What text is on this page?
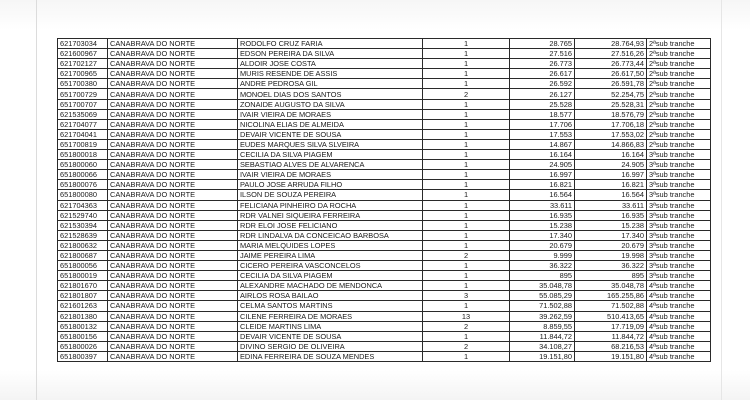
621703034	CANABRAVA DO NORTE	RODOLFO CRUZ FARIA	1	28.765	28.764,93	2ªsub tranche
621600967	CANABRAVA DO NORTE	EDSON PEREIRA DA SILVA	1	27.516	27.516,26	2ªsub tranche
621702127	CANABRAVA DO NORTE	ALDOIR JOSE COSTA	1	26.773	26.773,44	2ªsub tranche
621700965	CANABRAVA DO NORTE	MURIS RESENDE DE ASSIS	1	26.617	26.617,50	2ªsub tranche
651700380	CANABRAVA DO NORTE	ANDRE PEDROSA GIL	1	26.592	26.591,78	2ªsub tranche
651700729	CANABRAVA DO NORTE	MONOEL DIAS DOS SANTOS	2	26.127	52.254,75	2ªsub tranche
651700707	CANABRAVA DO NORTE	ZONAIDE AUGUSTO DA SILVA	1	25.528	25.528,31	2ªsub tranche
621535069	CANABRAVA DO NORTE	IVAIR VIEIRA DE MORAES	1	18.577	18.576,79	2ªsub tranche
621704077	CANABRAVA DO NORTE	NICOLINA ELIAS DE ALMEIDA	1	17.706	17.706,18	2ªsub tranche
621704041	CANABRAVA DO NORTE	DEVAIR VICENTE DE SOUSA	1	17.553	17.553,02	2ªsub tranche
651700819	CANABRAVA DO NORTE	EUDES MARQUES SILVA SLVEIRA	1	14.867	14.866,83	2ªsub tranche
651800018	CANABRAVA DO NORTE	CECILIA DA SILVA PIAGEM	1	16.164	16.164	3ªsub tranche
651800060	CANABRAVA DO NORTE	SEBASTIAO ALVES DE ALVARENCA	1	24.905	24.905	3ªsub tranche
651800066	CANABRAVA DO NORTE	IVAIR VIEIRA DE MORAES	1	16.997	16.997	3ªsub tranche
651800076	CANABRAVA DO NORTE	PAULO JOSE ARRUDA FILHO	1	16.821	16.821	3ªsub tranche
651800080	CANABRAVA DO NORTE	ILSON DE SOUZA PEREIRA	1	16.564	16.564	3ªsub tranche
621704363	CANABRAVA DO NORTE	FELICIANA PINHEIRO DA ROCHA	1	33.611	33.611	3ªsub tranche
621529740	CANABRAVA DO NORTE	RDR VALNEI SIQUEIRA FERREIRA	1	16.935	16.935	3ªsub tranche
621530394	CANABRAVA DO NORTE	RDR ELOI JOSE FELICIANO	1	15.238	15.238	3ªsub tranche
621528639	CANABRAVA DO NORTE	RDR LINDALVA DA CONCEICAO BARBOSA	1	17.340	17.340	3ªsub tranche
621800632	CANABRAVA DO NORTE	MARIA MELQUIDES LOPES	1	20.679	20.679	3ªsub tranche
621800687	CANABRAVA DO NORTE	JAIME PEREIRA LIMA	2	9.999	19.998	3ªsub tranche
651800056	CANABRAVA DO NORTE	CICERO PEREIRA VASCONCELOS	1	36.322	36.322	3ªsub tranche
651800019	CANABRAVA DO NORTE	CECILIA DA SILVA PIAGEM	1	895	895	3ªsub tranche
621801670	CANABRAVA DO NORTE	ALEXANDRE MACHADO DE MENDONCA	1	35.048,78	35.048,78	4ªsub tranche
621801807	CANABRAVA DO NORTE	AIRLOS ROSA BAILAO	3	55.085,29	165.255,86	4ªsub tranche
621601263	CANABRAVA DO NORTE	CELMA SANTOS MARTINS	1	71.502,88	71.502,88	4ªsub tranche
621801380	CANABRAVA DO NORTE	CILENE FERREIRA DE MORAES	13	39.262,59	510.413,65	4ªsub tranche
651800132	CANABRAVA DO NORTE	CLEIDE MARTINS LIMA	2	8.859,55	17.719,09	4ªsub tranche
651800156	CANABRAVA DO NORTE	DEVAIR VICENTE DE SOUSA	1	11.844,72	11.844,72	4ªsub tranche
651800026	CANABRAVA DO NORTE	DIVINO SERGIO DE OLIVEIRA	2	34.108,27	68.216,53	4ªsub tranche
651800397	CANABRAVA DO NORTE	EDINA FERREIRA DE SOUZA MENDES	1	19.151,80	19.151,80	4ªsub tranche
